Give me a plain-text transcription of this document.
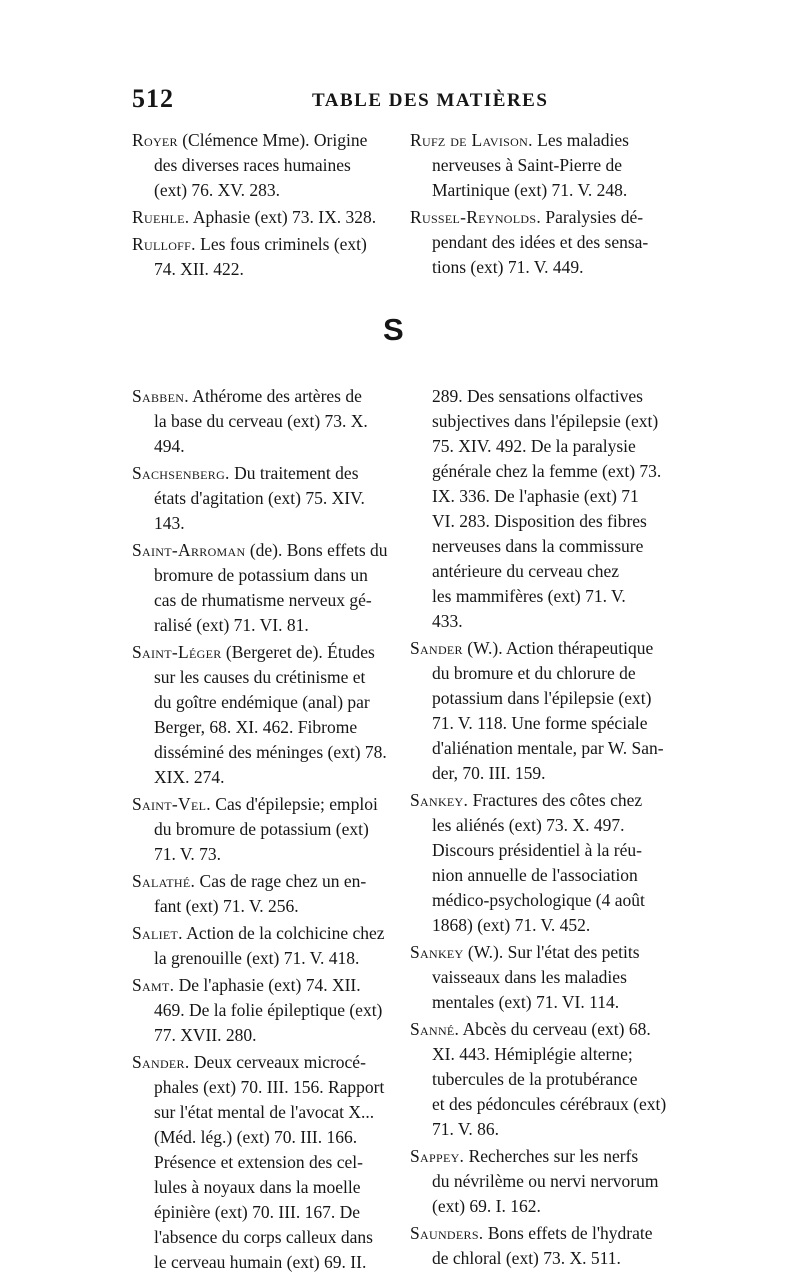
512	TABLE DES MATIÈRES

Royer (Clémence Mme). Origine
des diverses races humaines
(ext) 76. XV. 283.

Ruehle. Aphasie (ext) 73. IX. 328.

Rulloff. Les fous criminels (ext)
74. XII. 422.

Rufz de Lavison. Les maladies
nerveuses à Saint-Pierre de
Martinique (ext) 71. V. 248.

Russel-Reynolds. Paralysies dé-
pendant des idées et des sensa-
tions (ext) 71. V. 449.

S

Sabben. Athérome des artères de
la base du cerveau (ext) 73. X.
494.

Sachsenberg. Du traitement des
états d'agitation (ext) 75. XIV.
143.

Saint-Arroman (de). Bons effets du
bromure de potassium dans un
cas de rhumatisme nerveux gé-
ralisé (ext) 71. VI. 81.

Saint-Léger (Bergeret de). Études
sur les causes du crétinisme et
du goître endémique (anal) par
Berger, 68. XI. 462. Fibrome
disséminé des méninges (ext) 78.
XIX. 274.

Saint-Vel. Cas d'épilepsie; emploi
du bromure de potassium (ext)
71. V. 73.

Salathé. Cas de rage chez un en-
fant (ext) 71. V. 256.

Saliet. Action de la colchicine chez
la grenouille (ext) 71. V. 418.

Samt. De l'aphasie (ext) 74. XII.
469. De la folie épileptique (ext)
77. XVII. 280.

Sander. Deux cerveaux microcé-
phales (ext) 70. III. 156. Rapport
sur l'état mental de l'avocat X...
(Méd. lég.) (ext) 70. III. 166.
Présence et extension des cel-
lules à noyaux dans la moelle
épinière (ext) 70. III. 167. De
l'absence du corps calleux dans
le cerveau humain (ext) 69. II.

289. Des sensations olfactives
subjectives dans l'épilepsie (ext)
75. XIV. 492. De la paralysie
générale chez la femme (ext) 73.
IX. 336. De l'aphasie (ext) 71
VI. 283. Disposition des fibres
nerveuses dans la commissure
antérieure du cerveau chez
les mammifères (ext) 71. V.
433.

Sander (W.). Action thérapeutique
du bromure et du chlorure de
potassium dans l'épilepsie (ext)
71. V. 118. Une forme spéciale
d'aliénation mentale, par W. San-
der, 70. III. 159.

Sankey. Fractures des côtes chez
les aliénés (ext) 73. X. 497.
Discours présidentiel à la réu-
nion annuelle de l'association
médico-psychologique (4 août
1868) (ext) 71. V. 452.

Sankey (W.). Sur l'état des petits
vaisseaux dans les maladies
mentales (ext) 71. VI. 114.

Sanné. Abcès du cerveau (ext) 68.
XI. 443. Hémiplégie alterne;
tubercules de la protubérance
et des pédoncules cérébraux (ext)
71. V. 86.

Sappey. Recherches sur les nerfs
du névrilème ou nervi nervorum
(ext) 69. I. 162.

Saunders. Bons effets de l'hydrate
de chloral (ext) 73. X. 511.
